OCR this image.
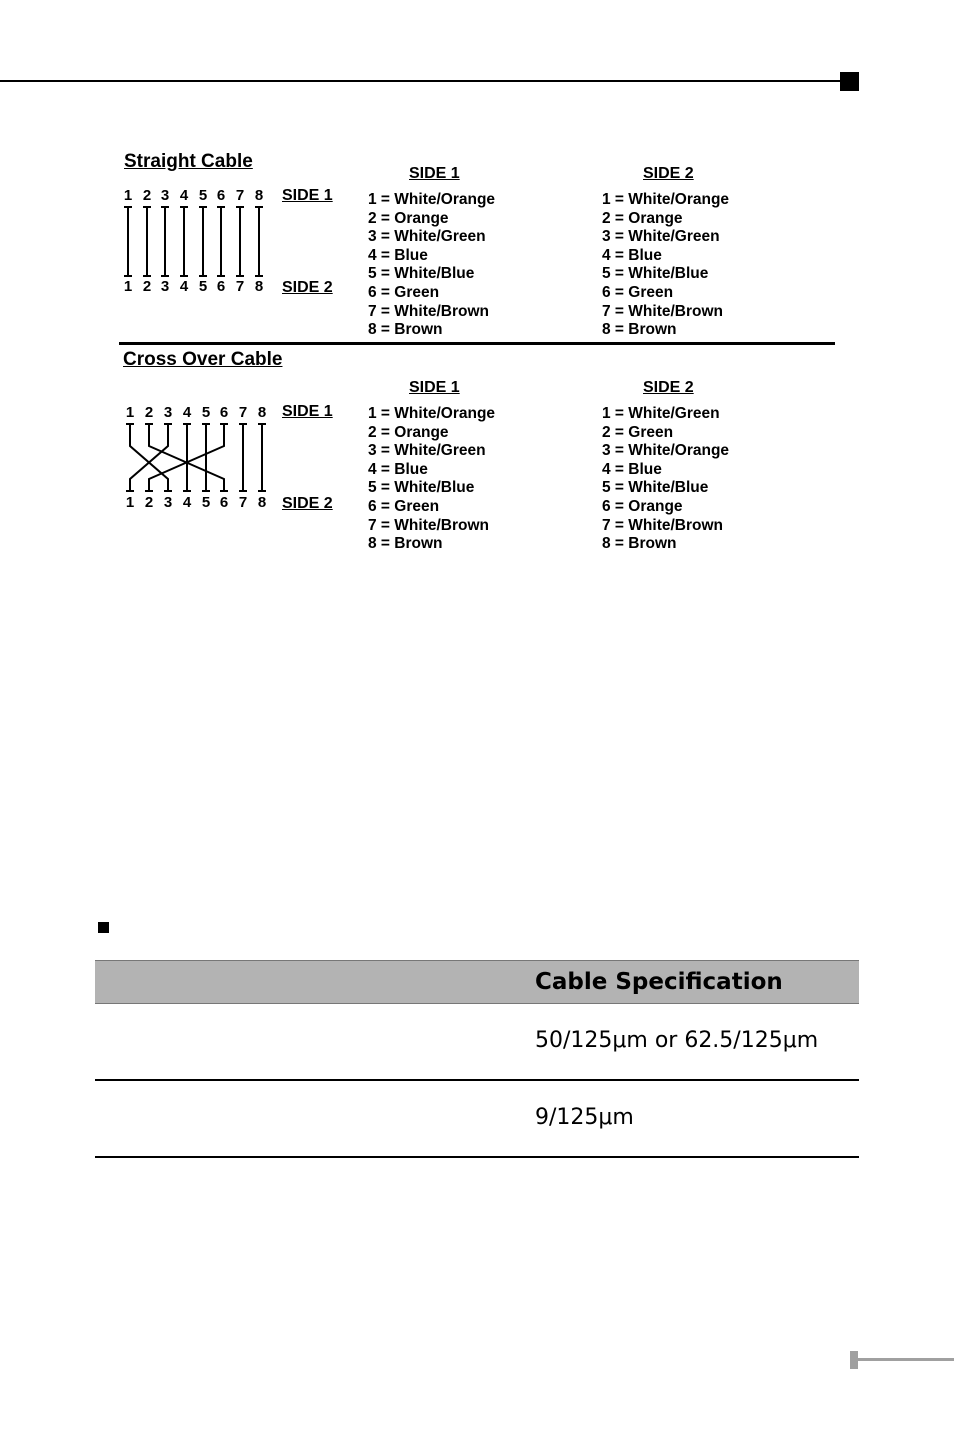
Straight Cable
SIDE 1	SIDE 2
1 2 3 4 5 6 7 8
1 2 3 4 5 6 7 8
SIDE 1
SIDE 2
1 = White/Orange
2 = Orange
3 = White/Green
4 = Blue
5 = White/Blue
6 = Green
7 = White/Brown
8 = Brown
1 = White/Orange
2 = Orange
3 = White/Green
4 = Blue
5 = White/Blue
6 = Green
7 = White/Brown
8 = Brown
Cross Over Cable
SIDE 1	SIDE 2
1 2 3 4 5 6 7 8
1 2 3 4 5 6 7 8
SIDE 1
SIDE 2
1 = White/Orange
2 = Orange
3 = White/Green
4 = Blue
5 = White/Blue
6 = Green
7 = White/Brown
8 = Brown
1 = White/Green
2 = Green
3 = White/Orange
4 = Blue
5 = White/Blue
6 = Orange
7 = White/Brown
8 = Brown
Cable Specification
50/125μm or 62.5/125μm
9/125μm
